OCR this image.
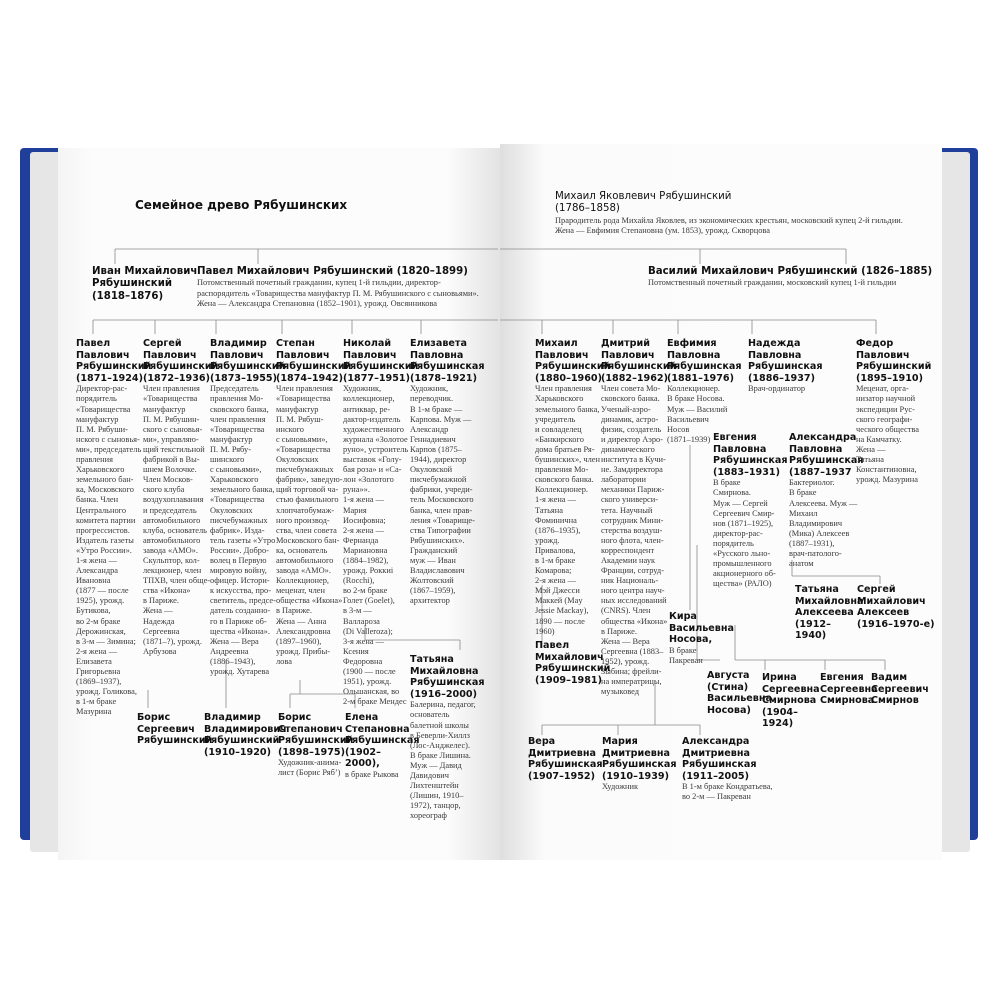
Семейное древо Рябушинских
Михаил Яковлевич Рябушинский
(1786–1858)
Прародитель рода Михайла Яковлев, из экономических крестьян, московский купец 2-й гильдии.
Жена — Евфимия Степановна (ум. 1853), урожд. Скворцова
Иван Михайлович
Рябушинский
(1818–1876)
Павел Михайлович Рябушинский (1820–1899)
Потомственный почетный гражданин, купец 1-й гильдии, директор-
распорядитель «Товарищества мануфактур П. М. Рябушинского с сыновьями».
Жена — Александра Степановна (1852–1901), урожд. Овсянникова
Василий Михайлович Рябушинский (1826–1885)
Потомственный почетный гражданин, московский купец 1-й гильдии
Павел
Павлович
Рябушинский
(1871–1924)
Директор-рас-
порядитель
«Товарищества
мануфактур
П. М. Рябуши-
нского с сыновья-
ми», председатель
правления
Харьковского
земельного бан-
ка, Московского
банка. Член
Центрального
комитета партии
прогрессистов.
Издатель газеты
«Утро России».
1-я жена —
Александра
Ивановна
(1877 — после
1925), урожд.
Бутикова,
во 2-м браке
Дерожинская,
в 3-м — Зимина;
2-я жена —
Елизавета
Григорьевна
(1869–1937),
урожд. Голикова,
в 1-м браке
Мазурина
Сергей
Павлович
Рябушинский
(1872–1936)
Член правления
«Товарищества
мануфактур
П. М. Рябушин-
ского с сыновья-
ми», управляю-
щий текстильной
фабрикой в Вы-
шнем Волочке.
Член Москов-
ского клуба
воздухоплавания
и председатель
автомобильного
клуба, основатель
автомобильного
завода «АМО».
Скульптор, кол-
лекционер, член
ТПХВ, член обще-
ства «Икона»
в Париже.
Жена —
Надежда
Сергеевна
(1871–?), урожд.
Арбузова
Владимир
Павлович
Рябушинский
(1873–1955)
Председатель
правления Мо-
сковского банка,
член правления
«Товарищества
мануфактур
П. М. Рябу-
шинского
с сыновьями»,
Харьковского
земельного банка,
«Товарищества
Окуловских
писчебумажных
фабрик». Изда-
тель газеты «Утро
России». Добро-
волец в Первую
мировую войну,
офицер. Истори-
к искусства, про-
светитель, предсе-
датель созданно-
го в Париже об-
щества «Икона».
Жена — Вера
Андреевна
(1886–1943),
урожд. Хутарева
Степан
Павлович
Рябушинский
(1874–1942)
Член правления
«Товарищества
мануфактур
П. М. Рябуш-
инского
с сыновьями»,
«Товарищества
Окуловских
писчебумажных
фабрик», заведую-
щий торговой ча-
стью фамильного
хлопчатобумаж-
ного производ-
ства, член совета
Московского бан-
ка, основатель
автомобильного
завода «АМО».
Коллекционер,
меценат, член
общества «Икона»
в Париже.
Жена — Анна
Александровна
(1897–1960),
урожд. Прибы-
лова
Николай
Павлович
Рябушинский
(1877–1951)
Художник,
коллекционер,
антиквар, ре-
дактор-издатель
художественного
журнала «Золотое
руно», устроитель
выставок «Голу-
бая роза» и «Са-
лон «Золотого
руна»».
1-я жена —
Мария
Иосифовна;
2-я жена —
Фернанда
Мариановна
(1884–1982),
урожд. Роккиi
(Rocchi),
во 2-м браке
Голет (Goelet),
в 3-м —
Валлароза
(Di Valleroza);
3-я жена —
Ксения
Федоровна
(1900 — после
1951), урожд.
Ольшанская, во
2-м браке Мендес
Елизавета
Павловна
Рябушинская
(1878–1921)
Художник,
переводчик.
В 1-м браке —
Карпова. Муж —
Александр
Геннадиевич
Карпов (1875–
1944), директор
Окуловской
писчебумажной
фабрики, учреди-
тель Московского
банка, член прав-
ления «Товарище-
ства Типографии
Рябушинских».
Гражданский
муж — Иван
Владиславович
Жолтовский
(1867–1959),
архитектор
Борис
Сергеевич
Рябушинский
Владимир
Владимирович
Рябушинский
(1910–1920)
Борис
Степанович
Рябушинский
(1898–1975)
Художник-анима-
лист (Борис Рябʼ)
Елена
Степановна
Рябушинская
(1902–2000),
в браке Рыкова
Татьяна
Михайловна
Рябушинская
(1916–2000)
Балерина, педагог,
основатель
балетной школы
в Беверли-Хиллз
(Лос-Анджелес).
В браке Лишина.
Муж — Давид
Давидович
Лихтенштейн
(Лишин, 1910–
1972), танцор,
хореограф
Михаил
Павлович
Рябушинский
(1880–1960)
Член правления
Харьковского
земельного банка,
учредитель
и совладелец
«Банкирского
дома братьев Ря-
бушинских», член
правления Мо-
сковского банка.
Коллекционер.
1-я жена —
Татьяна
Фоминична
(1876–1935),
урожд.
Привалова,
в 1-м браке
Комарова;
2-я жена —
Мэй Джесси
Маккей (May
Jessie Mackay),
1890 — после
1960)
Дмитрий
Павлович
Рябушинский
(1882–1962)
Член совета Мо-
сковского банка.
Ученый-аэро-
динамик, астро-
физик, создатель
и директор Аэро-
динамического
института в Кучи-
не. Замдиректора
лаборатории
механики Париж-
ского универси-
тета. Научный
сотрудник Мини-
стерства воздуш-
ного флота, член-
корреспондент
Академии наук
Франции, сотруд-
ник Националь-
ного центра науч-
ных исследований
(CNRS). Член
общества «Икона»
в Париже.
Жена — Вера
Сергеевна (1883–
1952), урожд.
Зыбина; фрейли-
на императрицы,
музыковед
Евфимия
Павловна
Рябушинская
(1881–1976)
Коллекционер.
В браке Носова.
Муж — Василий
Васильевич
Носов
(1871–1939)
Надежда
Павловна
Рябушинская
(1886–1937)
Врач-ординатор
Федор
Павлович
Рябушинский
(1895–1910)
Меценат, орга-
низатор научной
экспедиции Рус-
ского географи-
ческого общества
на Камчатку.
Жена —
Татьяна
Константиновна,
урожд. Мазурина
Евгения
Павловна
Рябушинская
(1883–1931)
В браке
Смирнова.
Муж — Сергей
Сергеевич Смир-
нов (1871–1925),
директор-рас-
порядитель
«Русского льно-
промышленного
акционерного об-
щества» (РАЛО)
Александра
Павловна
Рябушинская
(1887–1937
Бактериолог.
В браке
Алексеева. Муж —
Михаил
Владимирович
(Мика) Алексеев
(1887–1931),
врач-патолого-
анатом
Павел
Михайлович
Рябушинский
(1909–1981)
Кира
Васильевна
Носова,
В браке
Пакреван
Августа
(Стина)
Васильевна
Носова)
Ирина
Сергеевна
Смирнова
(1904–1924)
Евгения
Сергеевна
Смирнова
Вадим
Сергеевич
Смирнов
Татьяна
Михайловна
Алексеева
(1912–1940)
Сергей
Михайлович
Алексеев
(1916–1970-е)
Вера
Дмитриевна
Рябушинская
(1907–1952)
Мария
Дмитриевна
Рябушинская
(1910–1939)
Художник
Александра
Дмитриевна
Рябушинская
(1911–2005)
В 1-м браке Кондратьева,
во 2-м — Пакреван
